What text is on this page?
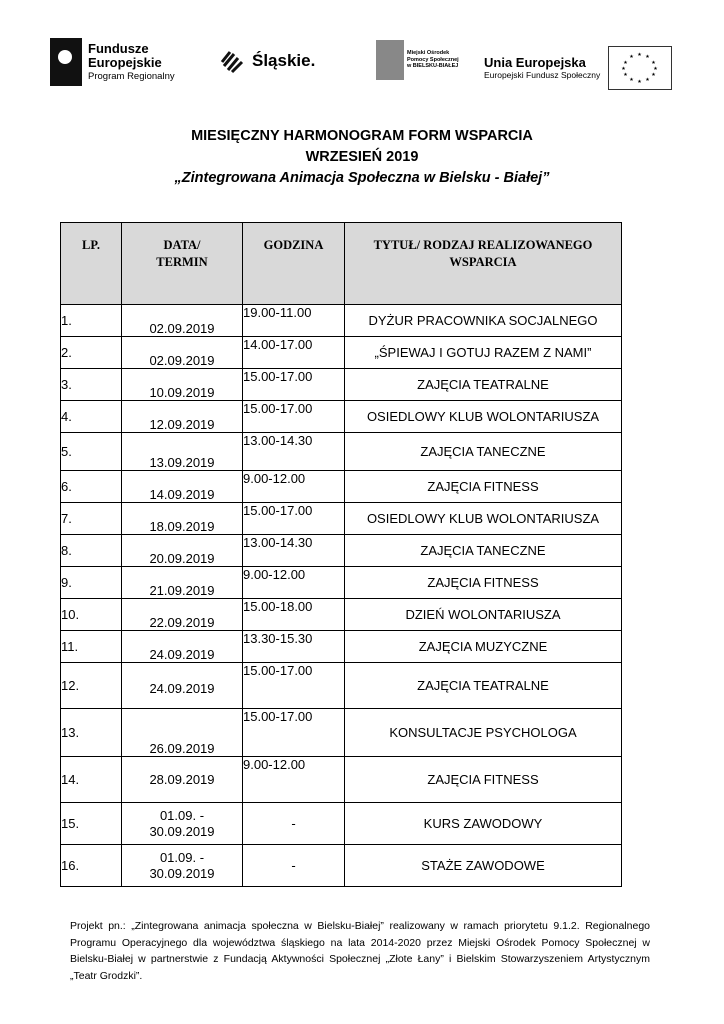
Fundusze
Europejskie
Program Regionalny
Śląskie.	Miejski Ośrodek
Pomocy Społecznej
w BIELSKU-BIAŁEJ Unia Europejska
Europejski Fundusz Społeczny
★ ★
★
★
★
★
★
★
★
★
★
★
MIESIĘCZNY HARMONOGRAM FORM WSPARCIA
WRZESIEŃ 2019
„Zintegrowana Animacja Społeczna w Bielsku - Białej”
LP.	DATA/ TERMIN	GODZINA	TYTUŁ/ RODZAJ REALIZOWANEGO WSPARCIA
1.	02.09.2019	19.00-11.00	DYŻUR PRACOWNIKA SOCJALNEGO
2.	02.09.2019	14.00-17.00	„ŚPIEWAJ I GOTUJ RAZEM Z NAMI”
3.	10.09.2019	15.00-17.00	ZAJĘCIA TEATRALNE
4.	12.09.2019	15.00-17.00	OSIEDLOWY KLUB WOLONTARIUSZA
5.	13.09.2019	13.00-14.30	ZAJĘCIA TANECZNE
6.	14.09.2019	9.00-12.00	ZAJĘCIA FITNESS
7.	18.09.2019	15.00-17.00	OSIEDLOWY KLUB WOLONTARIUSZA
8.	20.09.2019	13.00-14.30	ZAJĘCIA TANECZNE
9.	21.09.2019	9.00-12.00	ZAJĘCIA FITNESS
10.	22.09.2019	15.00-18.00	DZIEŃ WOLONTARIUSZA
11.	24.09.2019	13.30-15.30	ZAJĘCIA MUZYCZNE
12.	24.09.2019	15.00-17.00	ZAJĘCIA TEATRALNE
13.	26.09.2019	15.00-17.00	KONSULTACJE PSYCHOLOGA
14.	28.09.2019	9.00-12.00	ZAJĘCIA FITNESS
15.	01.09. -
30.09.2019	-	KURS ZAWODOWY
16.	01.09. -
30.09.2019	-	STAŻE ZAWODOWE
Projekt pn.: „Zintegrowana animacja społeczna w Bielsku-Białej” realizowany w ramach priorytetu 9.1.2. Regionalnego Programu Operacyjnego dla województwa śląskiego na lata 2014-2020 przez Miejski Ośrodek Pomocy Społecznej w Bielsku-Białej w partnerstwie z Fundacją Aktywności Społecznej „Złote Łany” i Bielskim Stowarzyszeniem Artystycznym „Teatr Grodzki”.
